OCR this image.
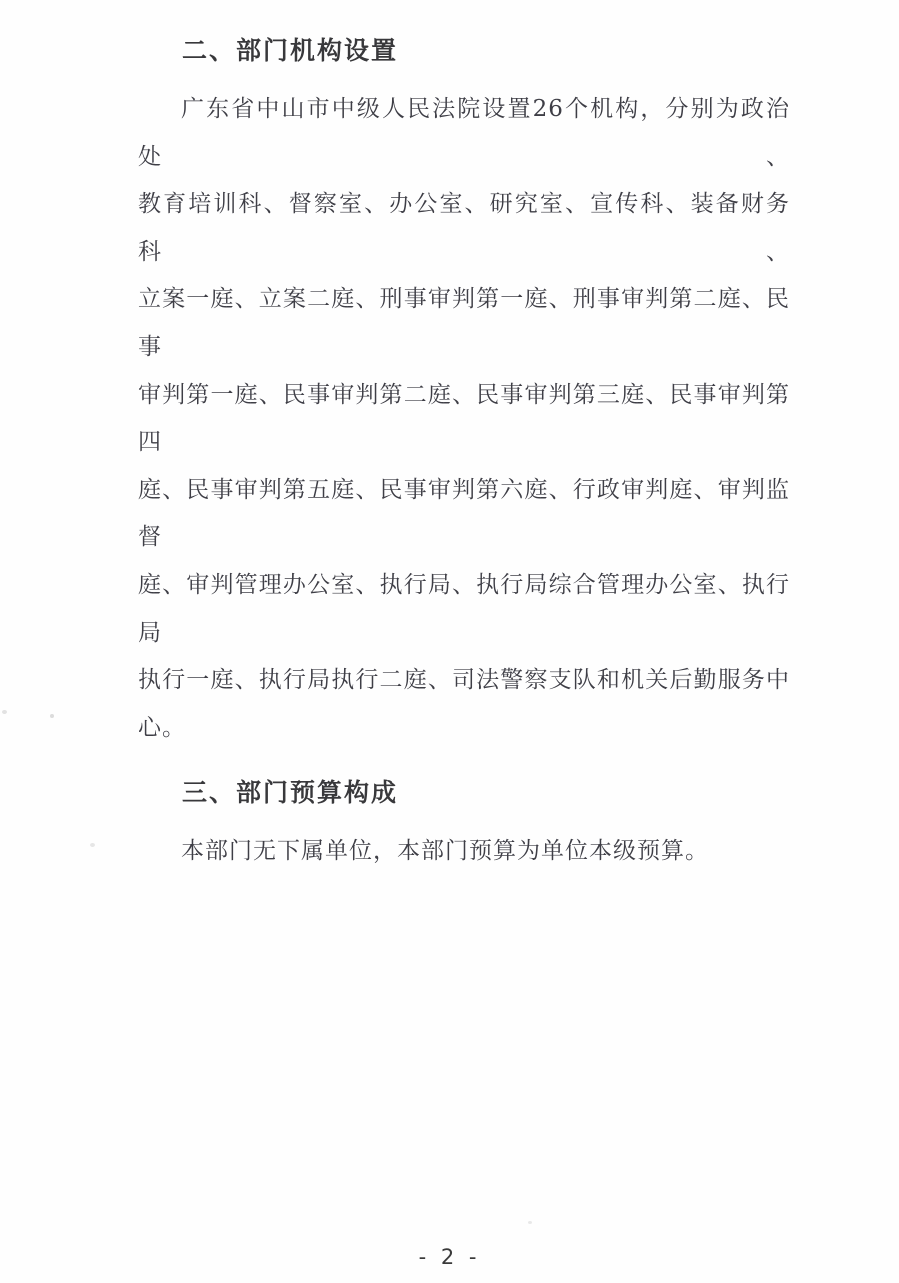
二、部门机构设置
广东省中山市中级人民法院设置26个机构，分别为政治处、
教育培训科、督察室、办公室、研究室、宣传科、装备财务科、
立案一庭、立案二庭、刑事审判第一庭、刑事审判第二庭、民事
审判第一庭、民事审判第二庭、民事审判第三庭、民事审判第四
庭、民事审判第五庭、民事审判第六庭、行政审判庭、审判监督
庭、审判管理办公室、执行局、执行局综合管理办公室、执行局
执行一庭、执行局执行二庭、司法警察支队和机关后勤服务中
心。
三、部门预算构成
本部门无下属单位，本部门预算为单位本级预算。
- 2 -
